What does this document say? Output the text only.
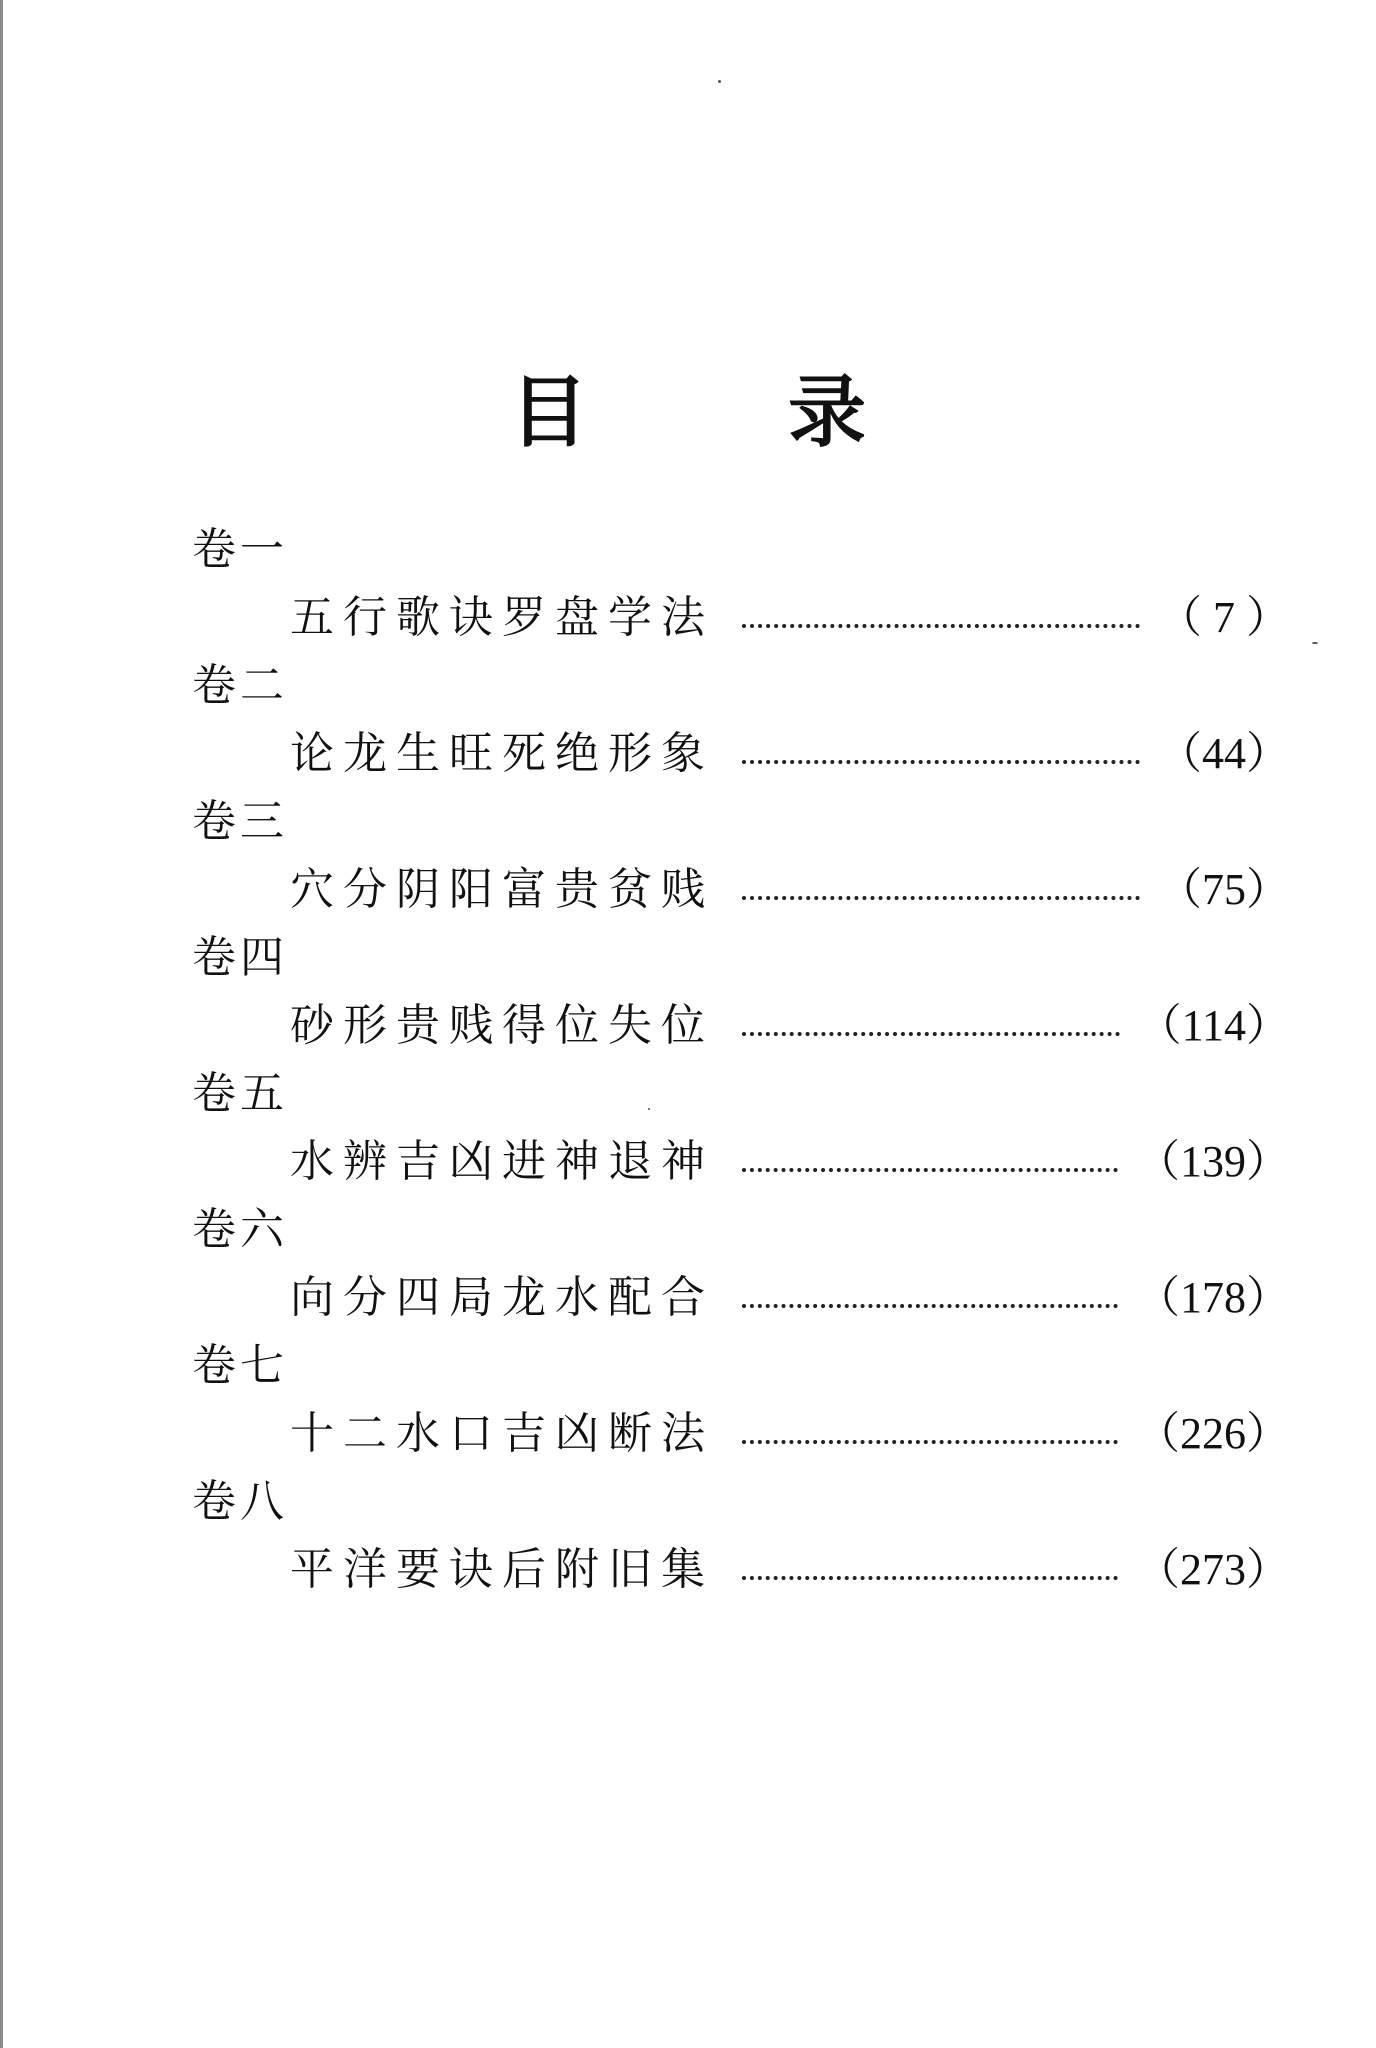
目	录
卷一
五行歌诀罗盘学法	（ 7 ）
卷二
论龙生旺死绝形象	（44）
卷三
穴分阴阳富贵贫贱	（75）
卷四
砂形贵贱得位失位	（114）
卷五
水辨吉凶进神退神	（139）
卷六
向分四局龙水配合	（178）
卷七
十二水口吉凶断法	（226）
卷八
平洋要诀后附旧集	（273）
